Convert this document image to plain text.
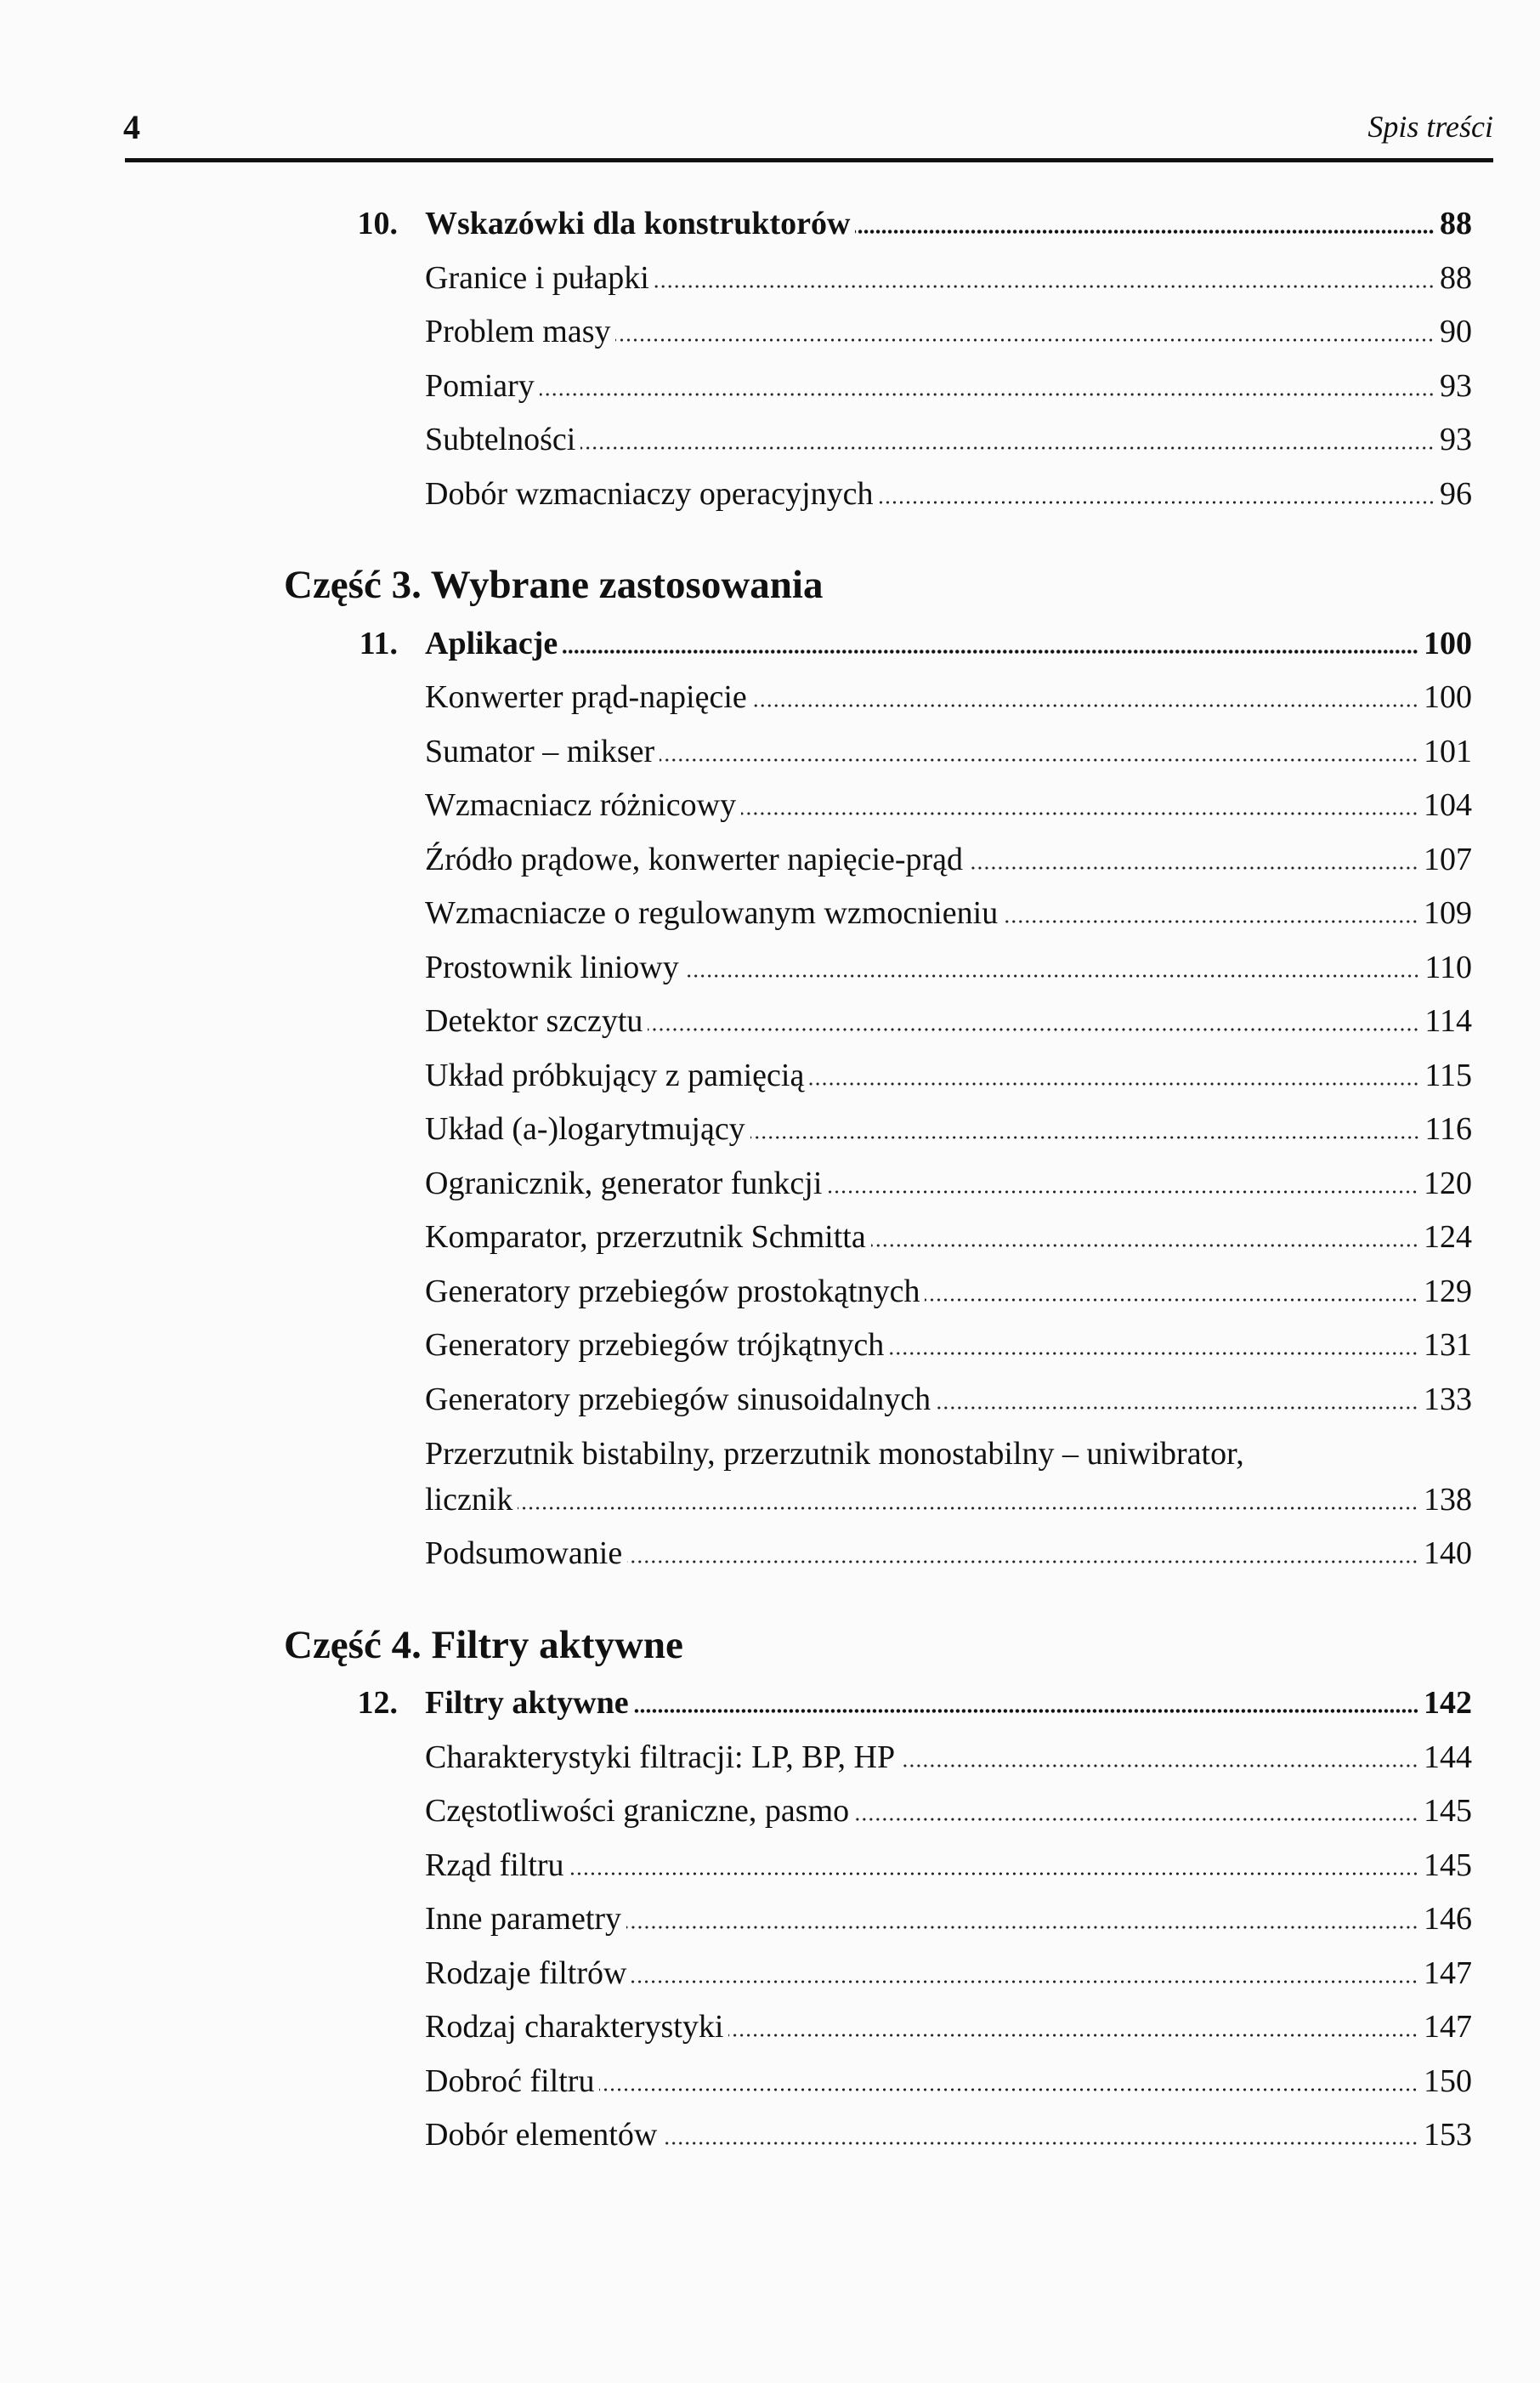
4	Spis treści
10. Wskazówki dla konstruktorów	88
Granice i pułapki	88
Problem masy	90
Pomiary	93
Subtelności	93
Dobór wzmacniaczy operacyjnych	96
Część 3. Wybrane zastosowania
11. Aplikacje	100
Konwerter prąd-napięcie	100
Sumator – mikser	101
Wzmacniacz różnicowy	104
Źródło prądowe, konwerter napięcie-prąd	107
Wzmacniacze o regulowanym wzmocnieniu	109
Prostownik liniowy	110
Detektor szczytu	114
Układ próbkujący z pamięcią	115
Układ (a-)logarytmujący	116
Ogranicznik, generator funkcji	120
Komparator, przerzutnik Schmitta	124
Generatory przebiegów prostokątnych	129
Generatory przebiegów trójkątnych	131
Generatory przebiegów sinusoidalnych	133
Przerzutnik bistabilny, przerzutnik monostabilny – uniwibrator,
licznik	138
Podsumowanie	140
Część 4. Filtry aktywne
12. Filtry aktywne	142
Charakterystyki filtracji: LP, BP, HP	144
Częstotliwości graniczne, pasmo	145
Rząd filtru	145
Inne parametry	146
Rodzaje filtrów	147
Rodzaj charakterystyki	147
Dobroć filtru	150
Dobór elementów	153
